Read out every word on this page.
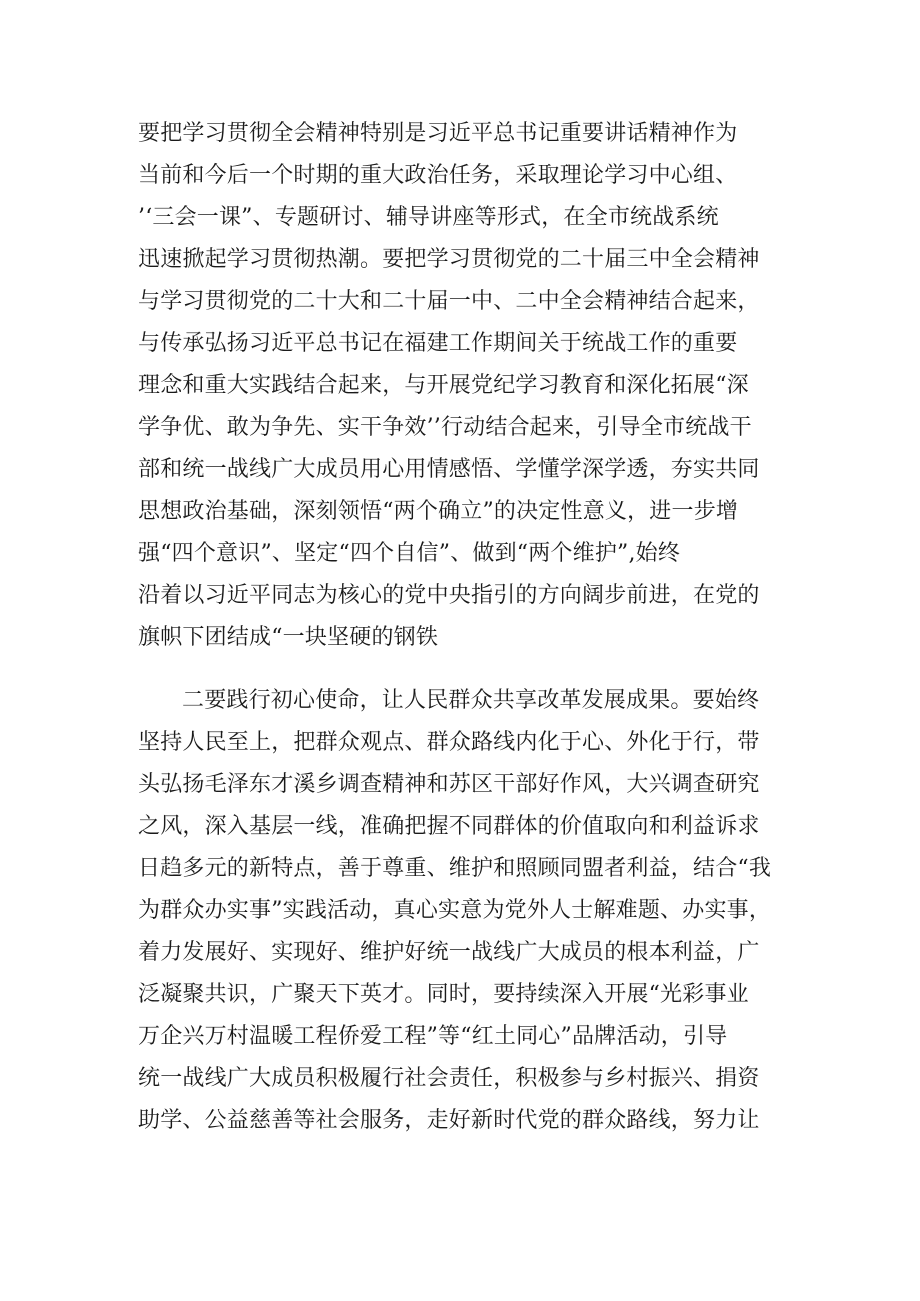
要把学习贯彻全会精神特别是习近平总书记重要讲话精神作为
当前和今后一个时期的重大政治任务，采取理论学习中心组、
’‘三会一课”、专题研讨、辅导讲座等形式，在全市统战系统
迅速掀起学习贯彻热潮。要把学习贯彻党的二十届三中全会精神
与学习贯彻党的二十大和二十届一中、二中全会精神结合起来，
与传承弘扬习近平总书记在福建工作期间关于统战工作的重要
理念和重大实践结合起来，与开展党纪学习教育和深化拓展“深
学争优、敢为争先、实干争效’’行动结合起来，引导全市统战干
部和统一战线广大成员用心用情感悟、学懂学深学透，夯实共同
思想政治基础，深刻领悟“两个确立”的决定性意义，进一步增
强“四个意识”、坚定“四个自信”、做到“两个维护”,始终
沿着以习近平同志为核心的党中央指引的方向阔步前进，在党的
旗帜下团结成“一块坚硬的钢铁
二要践行初心使命，让人民群众共享改革发展成果。要始终
坚持人民至上，把群众观点、群众路线内化于心、外化于行，带
头弘扬毛泽东才溪乡调查精神和苏区干部好作风，大兴调查研究
之风，深入基层一线，准确把握不同群体的价值取向和利益诉求
日趋多元的新特点，善于尊重、维护和照顾同盟者利益，结合“我
为群众办实事”实践活动，真心实意为党外人士解难题、办实事，
着力发展好、实现好、维护好统一战线广大成员的根本利益，广
泛凝聚共识，广聚天下英才。同时，要持续深入开展“光彩事业
万企兴万村温暖工程侨爱工程”等“红土同心”品牌活动，引导
统一战线广大成员积极履行社会责任，积极参与乡村振兴、捐资
助学、公益慈善等社会服务，走好新时代党的群众路线，努力让
